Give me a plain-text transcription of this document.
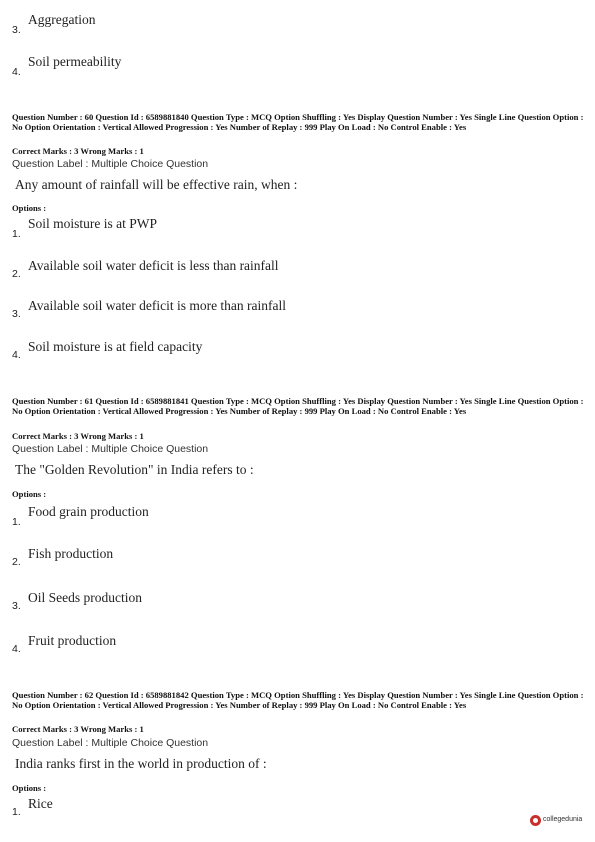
Aggregation
3.
Soil permeability
4.
Question Number : 60 Question Id : 6589881840 Question Type : MCQ Option Shuffling : Yes Display Question Number : Yes Single Line Question Option : No Option Orientation : Vertical Allowed Progression : Yes Number of Replay : 999 Play On Load : No Control Enable : Yes
Correct Marks : 3 Wrong Marks : 1
Question Label : Multiple Choice Question
Any amount of rainfall will be effective rain, when :
Options :
Soil moisture is at PWP
1.
Available soil water deficit is less than rainfall
2.
Available soil water deficit is more than rainfall
3.
Soil moisture is at field capacity
4.
Question Number : 61 Question Id : 6589881841 Question Type : MCQ Option Shuffling : Yes Display Question Number : Yes Single Line Question Option : No Option Orientation : Vertical Allowed Progression : Yes Number of Replay : 999 Play On Load : No Control Enable : Yes
Correct Marks : 3 Wrong Marks : 1
Question Label : Multiple Choice Question
The "Golden Revolution" in India refers to :
Options :
Food grain production
1.
Fish production
2.
Oil Seeds production
3.
Fruit production
4.
Question Number : 62 Question Id : 6589881842 Question Type : MCQ Option Shuffling : Yes Display Question Number : Yes Single Line Question Option : No Option Orientation : Vertical Allowed Progression : Yes Number of Replay : 999 Play On Load : No Control Enable : Yes
Correct Marks : 3 Wrong Marks : 1
Question Label : Multiple Choice Question
India ranks first in the world in production of :
Options :
Rice
1.
collegedunia
